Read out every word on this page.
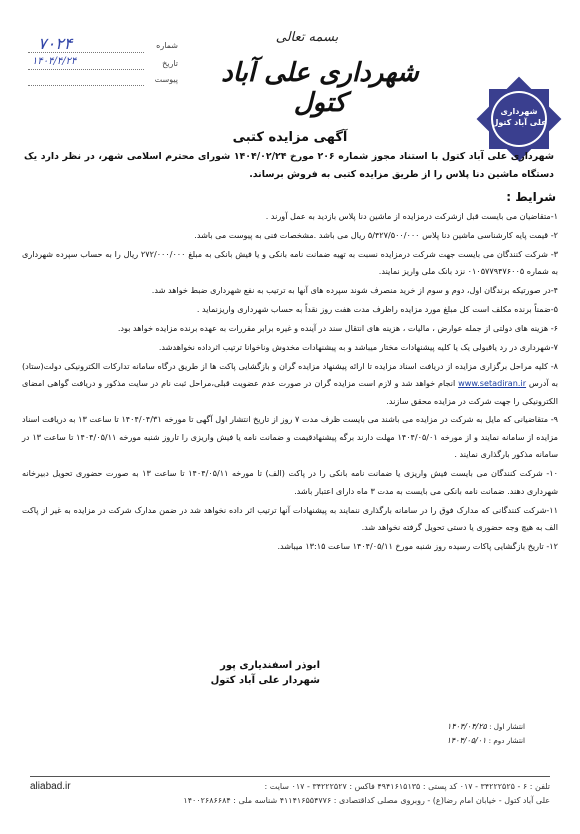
شماره
۷۰۲۴
تاریخ
۱۴۰۴/۴/۲۴
پیوست
بسمه تعالی
شهرداری علی آباد کتول	شهرداری
علی آباد کتول
آگهی مزایده کتبی
شهرداری علی آباد کتول با استناد مجوز شماره ۲۰۶ مورخ ۱۴۰۴/۰۲/۲۴ شورای محترم اسلامی شهر، در نظر دارد یک دستگاه ماشین دنا پلاس را از طریق مزایده کتبی به فروش برساند.
شرایط :

۱-متقاضیان می بایست قبل ازشرکت درمزایده از ماشین دنا پلاس بازدید به عمل آورند .

۲- قیمت پایه کارشناسی ماشین دنا پلاس ۵/۴۲۷/۵۰۰/۰۰۰ ریال می باشد .مشخصات فنی به پیوست می باشد.

۳- شرکت کنندگان می بایست جهت شرکت درمزایده نسبت به تهیه ضمانت نامه بانکی و یا فیش بانکی به مبلغ ۲۷۲/۰۰۰/۰۰۰ ریال را به حساب سپرده شهرداری به شماره ۰۱۰۵۷۷۹۴۷۶۰۰۵ نزد بانک ملی واریز نمایند.

۴-در صورتیکه برندگان اول، دوم و سوم از خرید منصرف شوند سپرده های آنها به ترتیب به نفع شهرداری ضبط خواهد شد.

۵-ضمناً برنده مکلف است کل مبلغ مورد مزایده راظرف مدت هفت روز نقداً به حساب شهرداری واریزنماید .

۶- هزینه های دولتی از جمله عوارض ، مالیات ، هزینه های انتقال سند در آینده و غیره برابر مقررات به عهده برنده مزایده خواهد بود.

۷-شهرداری در رد یاقبولی یک یا کلیه پیشنهادات مختار میباشد و به پیشنهادات مخدوش وناخوانا ترتیب اثرداده نخواهدشد.

۸- کلیه مراحل برگزاری مزایده از دریافت اسناد مزایده تا ارائه پیشنهاد مزایده گران و بازگشایی پاکت ها از طریق درگاه سامانه تدارکات الکترونیکی دولت(ستاد) به آدرس www.setadiran.ir انجام خواهد شد و لازم است مزایده گران در صورت عدم عضویت قبلی،مراحل ثبت نام در سایت مذکور و دریافت گواهی امضای الکترونیکی را جهت شرکت در مزایده محقق سازند.

۹- متقاضیانی که مایل به شرکت در مزایده می باشند می بایست ظرف مدت ۷ روز از تاریخ انتشار اول آگهی تا مورخه ۱۴۰۴/۰۴/۳۱ تا ساعت ۱۳ به دریافت اسناد مزایده از سامانه نمایند و از مورخه ۱۴۰۴/۰۵/۰۱ مهلت دارند برگه پیشنهادقیمت و ضمانت نامه یا فیش واریزی را تاروز شنبه مورخه ۱۴۰۴/۰۵/۱۱ تا ساعت ۱۳ در سامانه مذکور بارگذاری نمایند .

۱۰- شرکت کنندگان می بایست فیش واریزی یا ضمانت نامه بانکی را در پاکت (الف) تا مورخه ۱۴۰۴/۰۵/۱۱ تا ساعت ۱۳ به صورت حضوری تحویل دبیرخانه شهرداری دهند. ضمانت نامه بانکی می بایست به مدت ۳ ماه دارای اعتبار باشد.

۱۱-شرکت کنندگانی که مدارک فوق را در سامانه بارگذاری ننمایند به پیشنهادات آنها ترتیب اثر داده نخواهد شد در ضمن مدارک شرکت در مزایده به غیر از پاکت الف به هیچ وجه حضوری یا دستی تحویل گرفته نخواهد شد.

۱۲- تاریخ بازگشایی پاکات رسیده روز شنبه مورخ ۱۴۰۴/۰۵/۱۱ ساعت ۱۳:۱۵ میباشد.

ابوذر اسفندیاری پور
شهردار علی آباد کتول
انتشار اول : ۱۴۰۴/۰۴/۲۵
انتشار دوم : ۱۴۰۴/۰۵/۰۱
تلفن : ۶ - ۳۴۲۲۲۵۲۵ - ۰۱۷ کد پستی : ۴۹۴۱۶۱۵۱۳۵ فاکس : ۳۴۲۲۲۵۲۷ - ۰۱۷ سایت :
aliabad.ir
علی آباد کتول - خیابان امام رضا(ع) - روبروی مصلی کداقتصادی : ۴۱۱۴۱۶۵۵۴۷۷۶ شناسه ملی : ۱۴۰۰۲۶۸۶۶۸۴
